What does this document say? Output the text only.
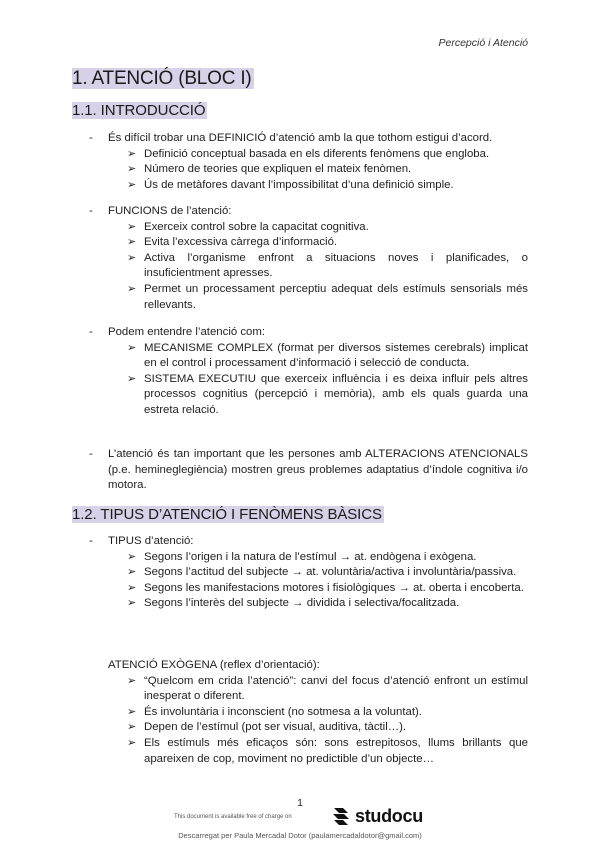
Percepció i Atenció
1. ATENCIÓ (BLOC I)
1.1. INTRODUCCIÓ
- És difícil trobar una DEFINICIÓ d’atenció amb la que tothom estigui d’acord.
➢ Definició conceptual basada en els diferents fenòmens que engloba.
➢ Número de teories que expliquen el mateix fenòmen.
➢ Ús de metàfores davant l’impossibilitat d’una definició simple.
- FUNCIONS de l’atenció:
➢ Exerceix control sobre la capacitat cognitiva.
➢ Evita l’excessiva càrrega d’informació.
➢ Activa l’organisme enfront a situacions noves i planificades, o insuficientment apresses.
➢ Permet un processament perceptiu adequat dels estímuls sensorials més rellevants.
- Podem entendre l’atenció com:
➢ MECANISME COMPLEX (format per diversos sistemes cerebrals) implicat en el control i processament d’informació i selecció de conducta.
➢ SISTEMA EXECUTIU que exerceix influència i es deixa influir pels altres processos cognitius (percepció i memòria), amb els quals guarda una estreta relació.
- L’atenció és tan important que les persones amb ALTERACIONS ATENCIONALS (p.e. hemineglegiència) mostren greus problemes adaptatius d’índole cognitiva i/o motora.
1.2. TIPUS D’ATENCIÓ I FENÒMENS BÀSICS
- TIPUS d’atenció:
➢ Segons l’origen i la natura de l’estímul → at. endògena i exògena.
➢ Segons l’actitud del subjecte → at. voluntària/activa i involuntària/passiva.
➢ Segons les manifestacions motores i fisiològiques → at. oberta i encoberta.
➢ Segons l’interès del subjecte → dividida i selectiva/focalitzada.
ATENCIÓ EXÒGENA (reflex d’orientació):
➢ “Quelcom em crida l’atenció”: canvi del focus d’atenció enfront un estímul inesperat o diferent.
➢ És involuntària i inconscient (no sotmesa a la voluntat).
➢ Depen de l’estímul (pot ser visual, auditiva, tàctil…).
➢ Els estímuls més eficaços són: sons estrepitosos, llums brillants que apareixen de cop, moviment no predictible d’un objecte…
1
This document is available free of charge on	studocu
Descarregat per Paula Mercadal Dotor (paulamercadaldotor@gmail.com)
